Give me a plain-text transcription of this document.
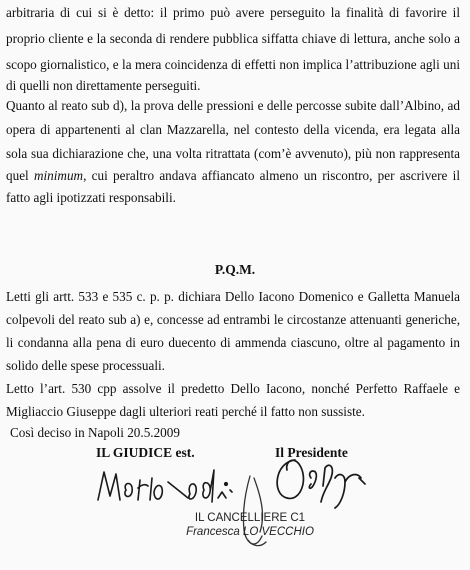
arbitraria di cui si è detto: il primo può avere perseguito la finalità di favorire il
proprio cliente e la seconda di rendere pubblica siffatta chiave di lettura, anche solo a
scopo giornalistico, e la mera coincidenza di effetti non implica l’attribuzione agli uni
di quelli non direttamente perseguiti.
Quanto al reato sub d), la prova delle pressioni e delle percosse subite dall’Albino, ad
opera di appartenenti al clan Mazzarella, nel contesto della vicenda, era legata alla
sola sua dichiarazione che, una volta ritrattata (com’è avvenuto), più non rappresenta
quel minimum, cui peraltro andava affiancato almeno un riscontro, per ascrivere il
fatto agli ipotizzati responsabili.
P.Q.M.
Letti gli artt. 533 e 535 c. p. p. dichiara Dello Iacono Domenico e Galletta Manuela
colpevoli del reato sub a) e, concesse ad entrambi le circostanze attenuanti generiche,
li condanna alla pena di euro duecento di ammenda ciascuno, oltre al pagamento in
solido delle spese processuali.
Letto l’art. 530 cpp assolve il predetto Dello Iacono, nonché Perfetto Raffaele e
Migliaccio Giuseppe dagli ulteriori reati perché il fatto non sussiste.
Così deciso in Napoli 20.5.2009
IL GIUDICE est.	Il Presidente
IL CANCELLIERE C1
Francesca LO VECCHIO
